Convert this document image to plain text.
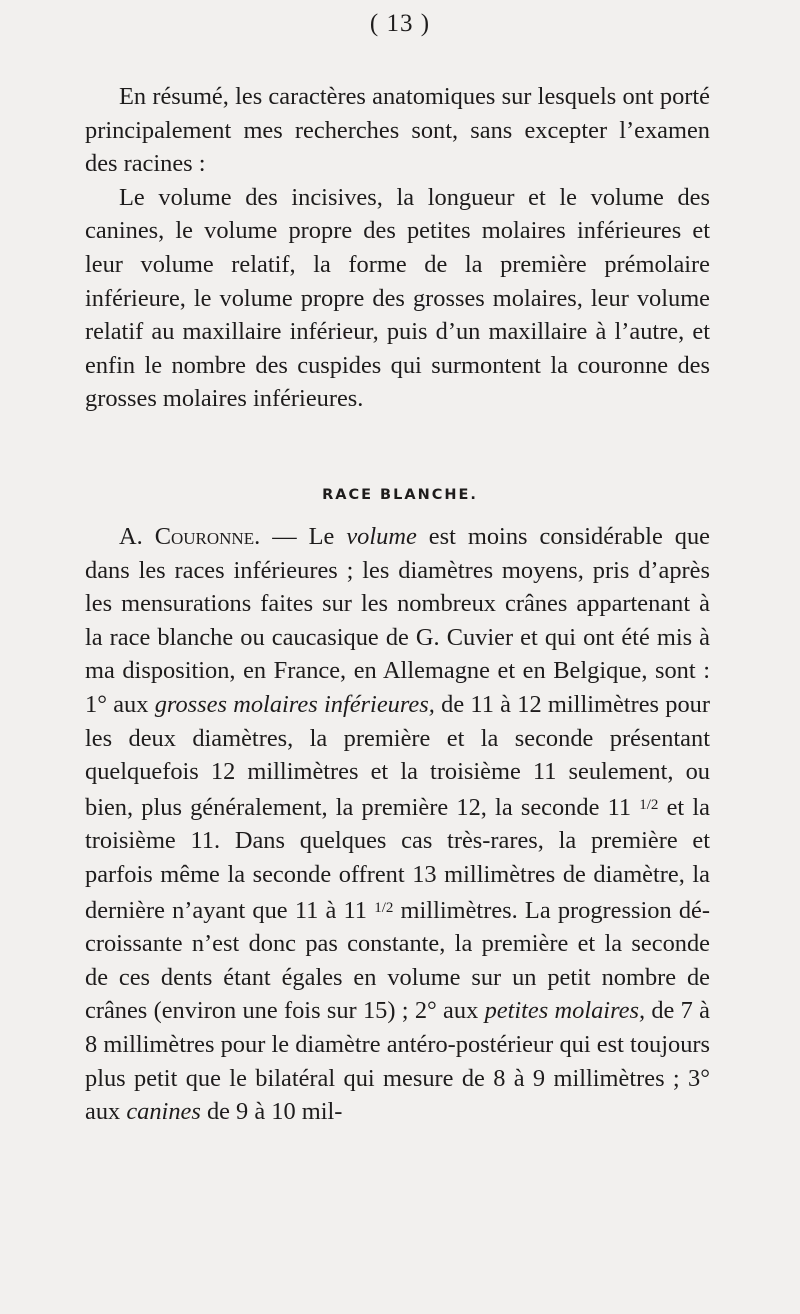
( 13 )

En résumé, les caractères anatomiques sur lesquels ont porté principalement mes recherches sont, sans excepter l’examen des racines :

Le volume des incisives, la longueur et le volume des canines, le volume propre des petites molaires inférieures et leur volume relatif, la forme de la première prémolaire inférieure, le volume propre des grosses molaires, leur volume relatif au maxillaire inférieur, puis d’un maxillaire à l’autre, et enfin le nombre des cuspides qui surmontent la couronne des grosses molaires inférieures.

RACE BLANCHE.

A. Couronne. — Le volume est moins considérable que dans les races inférieures ; les diamètres moyens, pris d’après les mensurations faites sur les nombreux crânes appartenant à la race blanche ou caucasique de G. Cuvier et qui ont été mis à ma disposition, en France, en Allemagne et en Belgique, sont : 1° aux grosses molaires inférieures, de 11 à 12 millimètres pour les deux diamètres, la première et la seconde présentant quelquefois 12 millimètres et la troisième 11 seulement, ou bien, plus généralement, la première 12, la seconde 11 $^{1/2}$ et la troisième 11. Dans quelques cas très-rares, la première et parfois même la seconde offrent 13 millimètres de diamètre, la dernière n’ayant que 11 à 11 $^{1/2}$ millimètres. La progression décroissante n’est donc pas constante, la première et la seconde de ces dents étant égales en volume sur un petit nombre de crânes (environ une fois sur 15) ; 2° aux petites molaires, de 7 à 8 millimètres pour le diamètre antéro-postérieur qui est toujours plus petit que le bilatéral qui mesure de 8 à 9 millimètres ; 3° aux canines de 9 à 10 mil-
